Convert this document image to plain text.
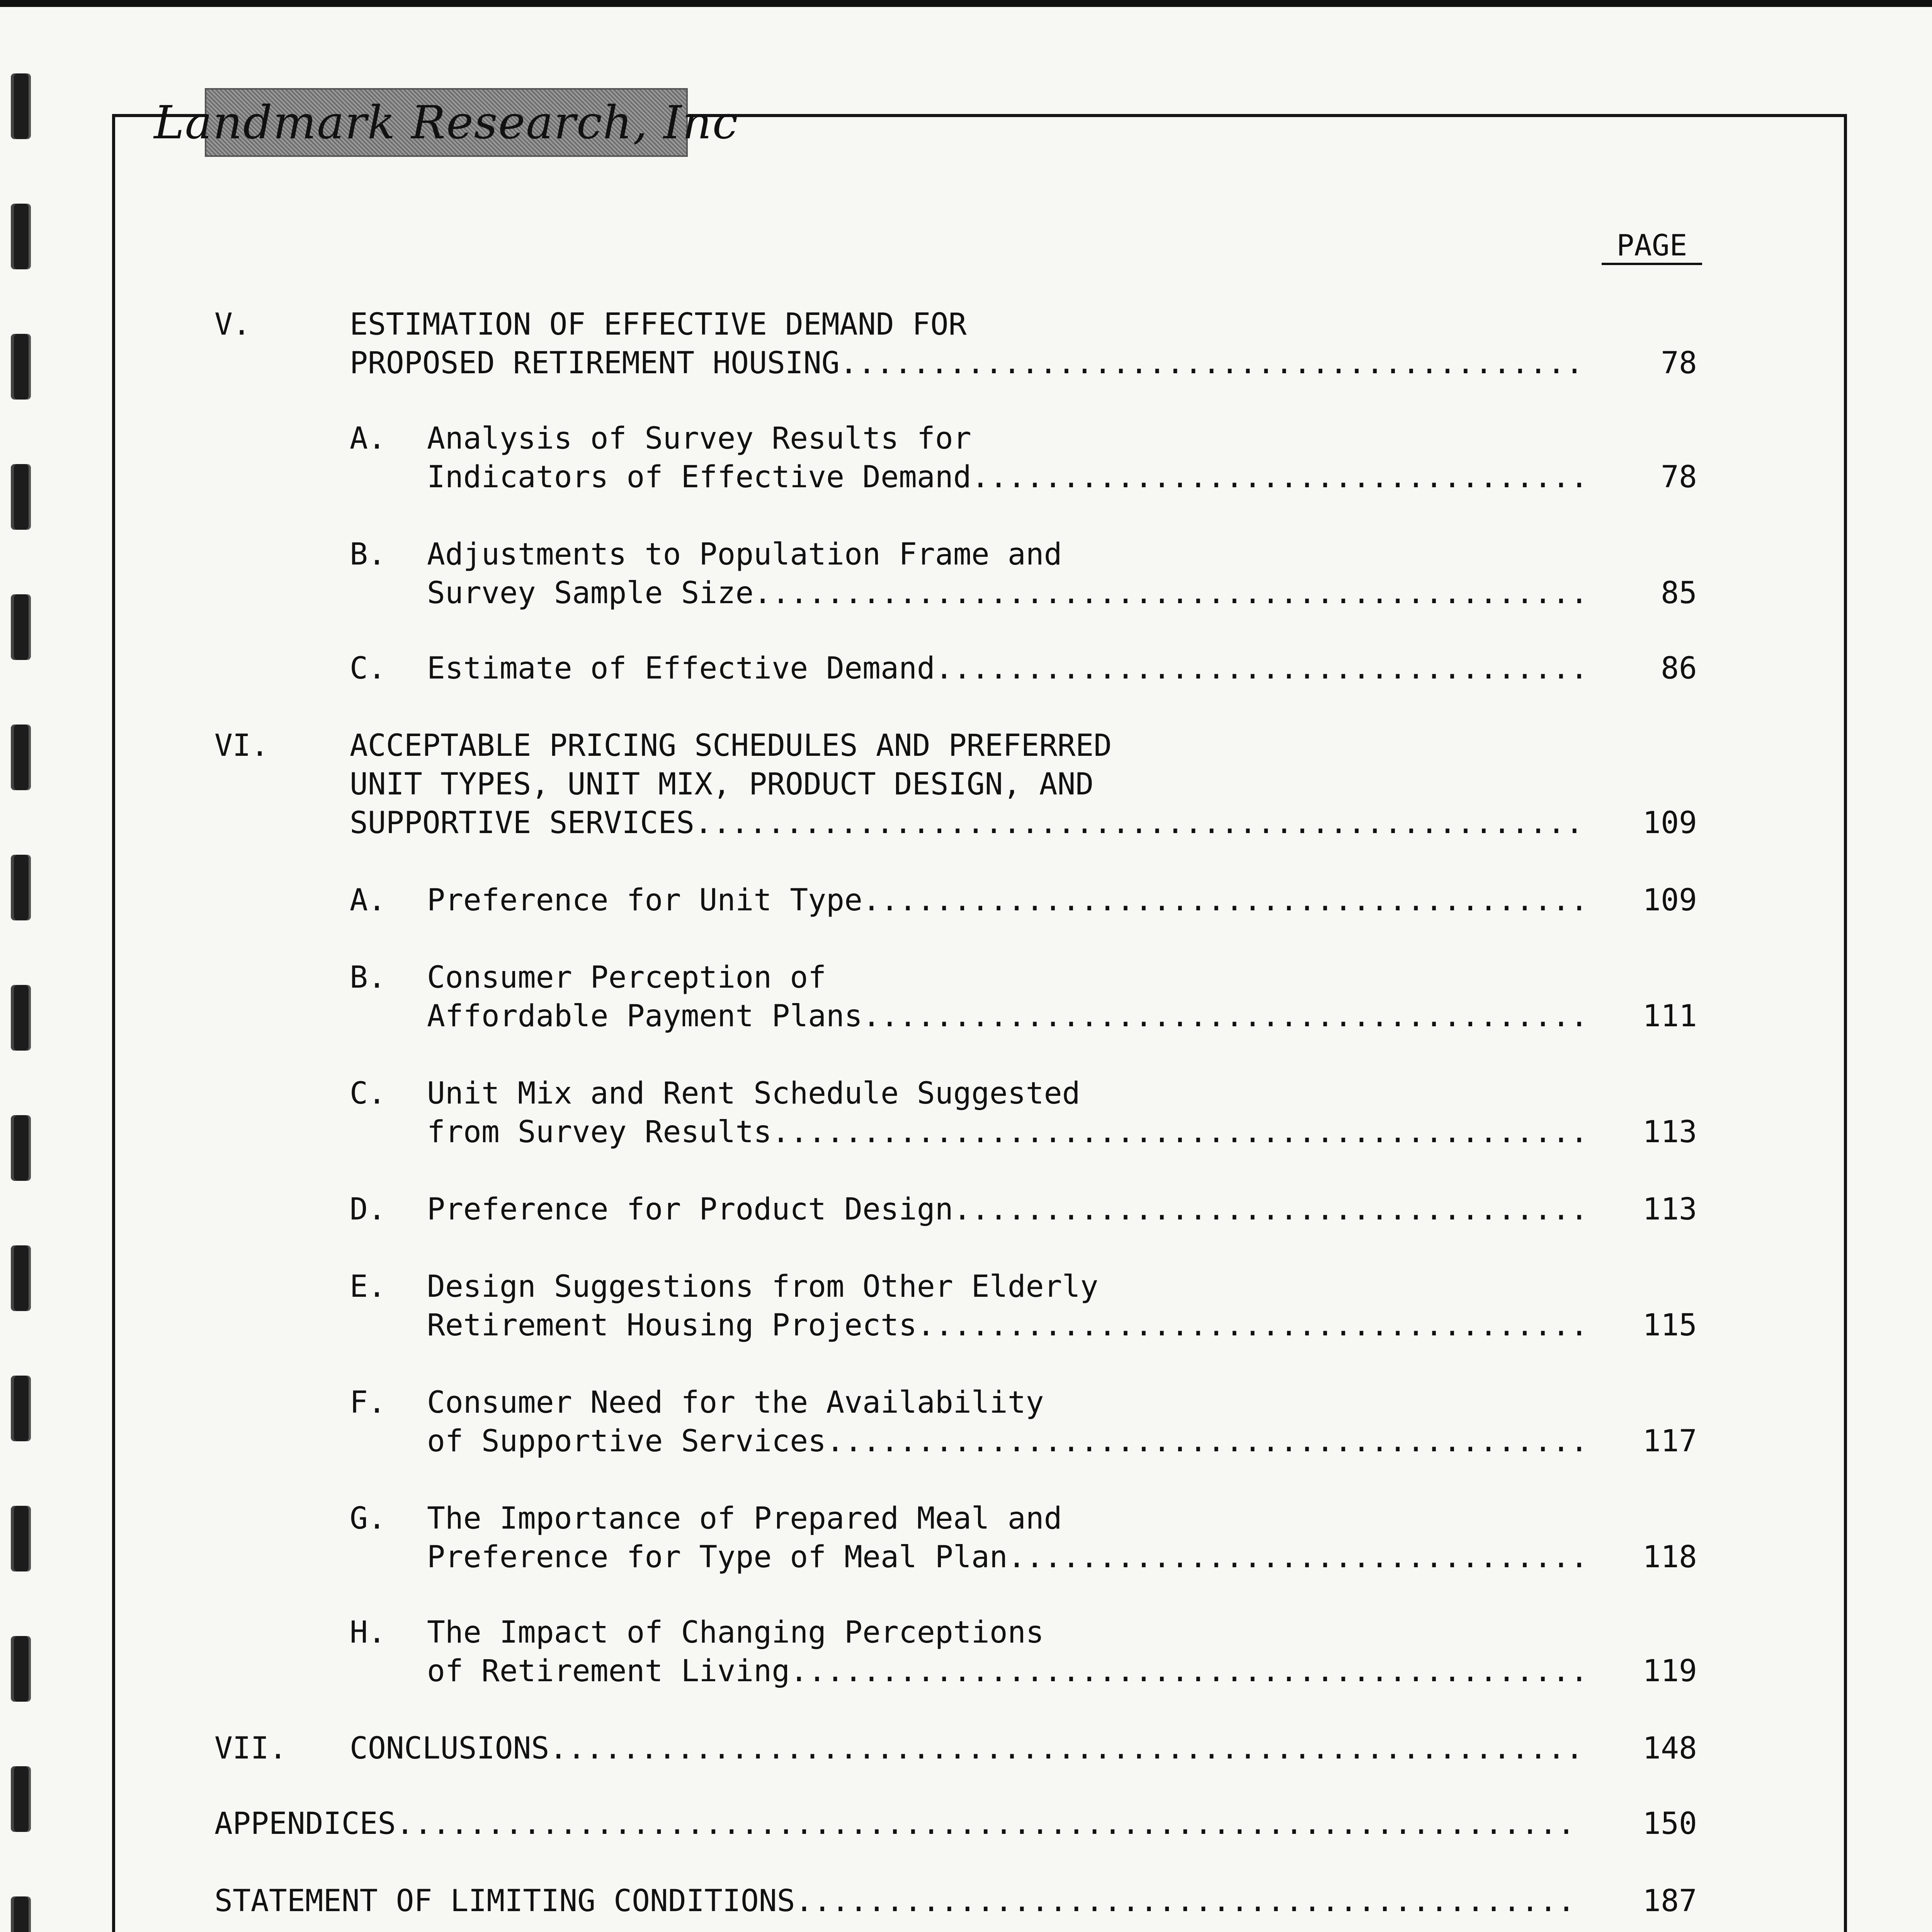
Landmark Research, Inc
PAGE
V.	ESTIMATION OF EFFECTIVE DEMAND FOR
PROPOSED RETIREMENT HOUSING .....	78
A. Analysis of Survey Results for
Indicators of Effective Demand .....	78
B. Adjustments to Population Frame and
Survey Sample Size .....	85
C. Estimate of Effective Demand .....	86
VI.	ACCEPTABLE PRICING SCHEDULES AND PREFERRED
UNIT TYPES, UNIT MIX, PRODUCT DESIGN, AND
SUPPORTIVE SERVICES .....	109
A. Preference for Unit Type .....	109
B. Consumer Perception of
Affordable Payment Plans .....	111
C. Unit Mix and Rent Schedule Suggested
from Survey Results .....	113
D. Preference for Product Design .....	113
E. Design Suggestions from Other Elderly
Retirement Housing Projects .....	115
F. Consumer Need for the Availability
of Supportive Services .....	117
G. The Importance of Prepared Meal and
Preference for Type of Meal Plan .....	118
H. The Impact of Changing Perceptions
of Retirement Living .....	119
VII. CONCLUSIONS .....	148
APPENDICES .....	150
STATEMENT OF LIMITING CONDITIONS .....	187
